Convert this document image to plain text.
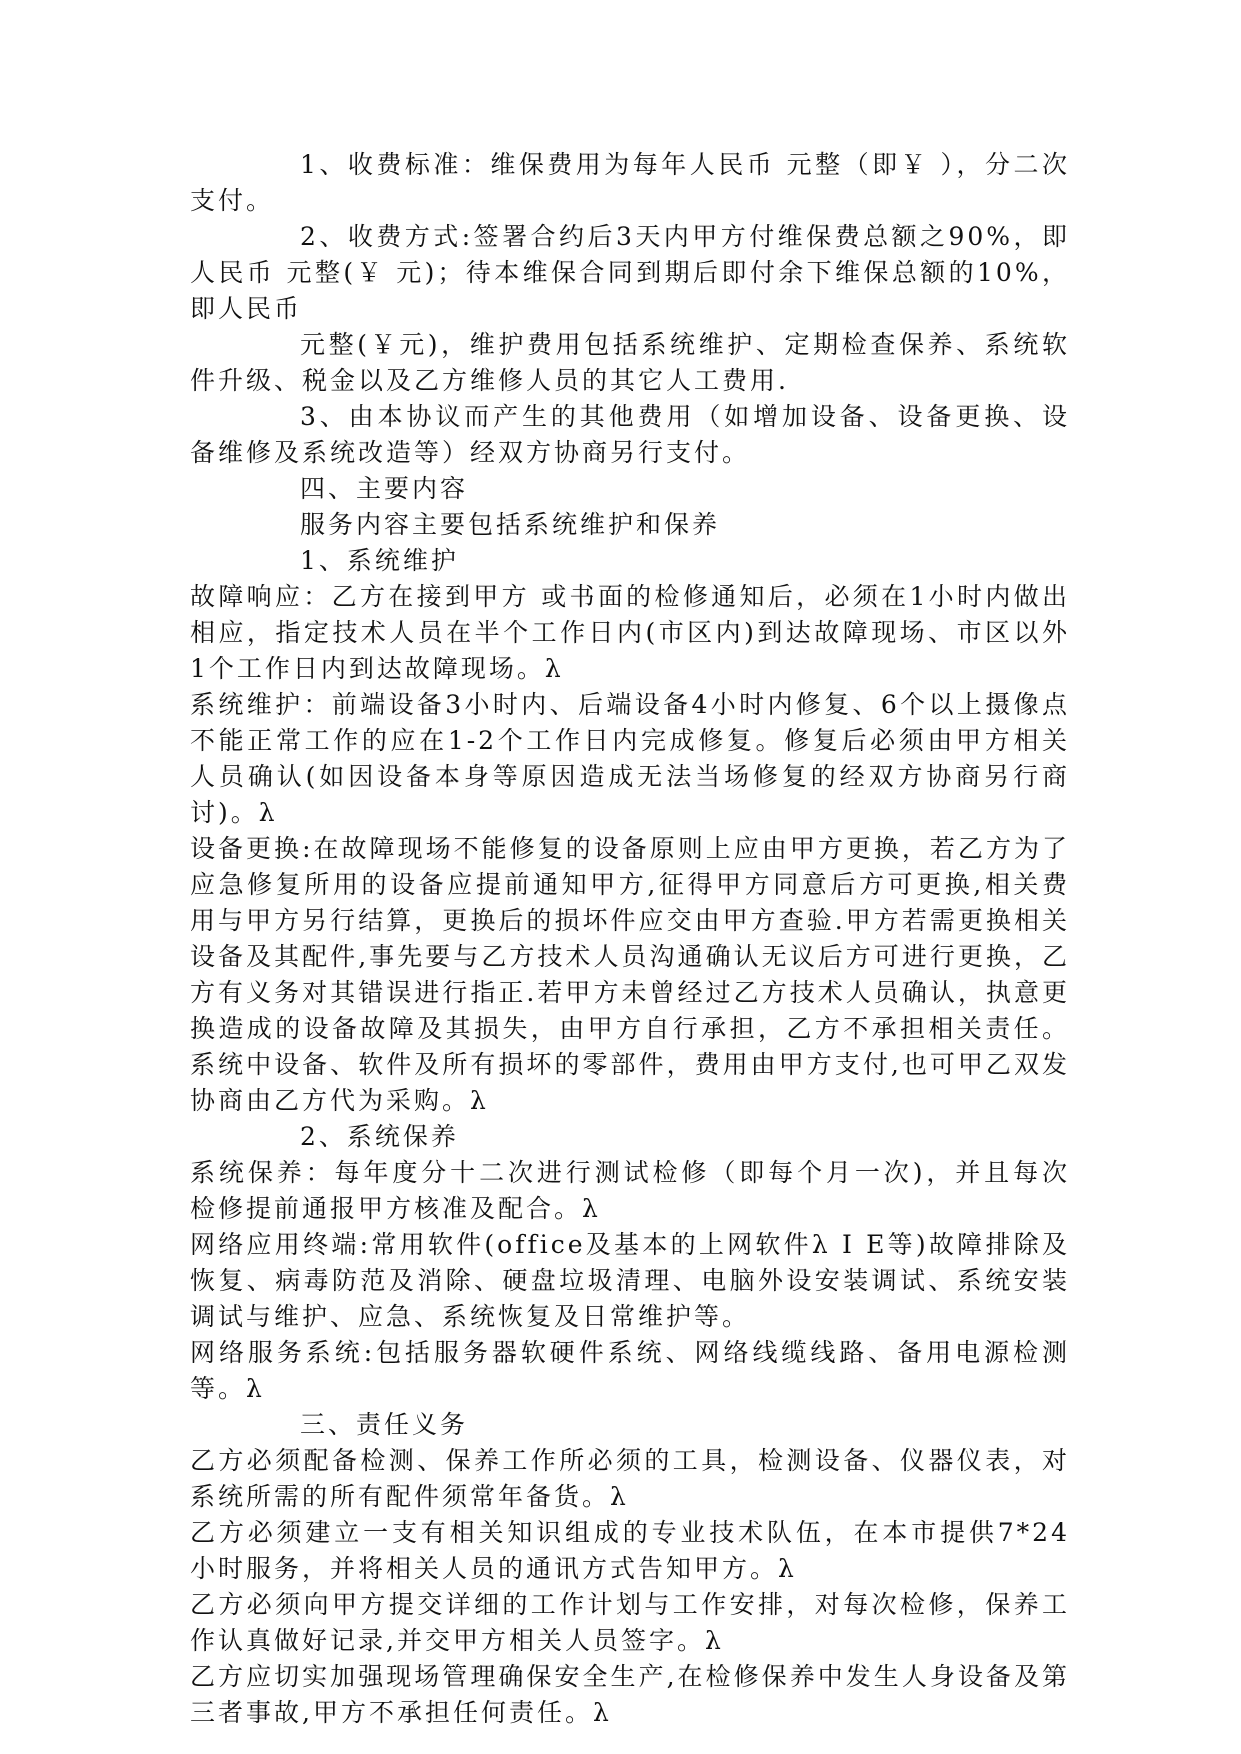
1、收费标准：维保费用为每年人民币 元整（即￥ ），分二次支付。

2、收费方式:签署合约后3天内甲方付维保费总额之90%，即人民币 元整(￥ 元)；待本维保合同到期后即付余下维保总额的10%，即人民币

元整(￥元)，维护费用包括系统维护、定期检查保养、系统软件升级、税金以及乙方维修人员的其它人工费用.

3、由本协议而产生的其他费用（如增加设备、设备更换、设备维修及系统改造等）经双方协商另行支付。

四、主要内容

服务内容主要包括系统维护和保养

1、系统维护

故障响应：乙方在接到甲方 或书面的检修通知后，必须在1小时内做出相应，指定技术人员在半个工作日内(市区内)到达故障现场、市区以外1个工作日内到达故障现场。λ

系统维护：前端设备3小时内、后端设备4小时内修复、6个以上摄像点不能正常工作的应在1-2个工作日内完成修复。修复后必须由甲方相关人员确认(如因设备本身等原因造成无法当场修复的经双方协商另行商讨)。λ

设备更换:在故障现场不能修复的设备原则上应由甲方更换，若乙方为了应急修复所用的设备应提前通知甲方,征得甲方同意后方可更换,相关费用与甲方另行结算，更换后的损坏件应交由甲方查验.甲方若需更换相关设备及其配件,事先要与乙方技术人员沟通确认无议后方可进行更换，乙方有义务对其错误进行指正.若甲方未曾经过乙方技术人员确认，执意更换造成的设备故障及其损失，由甲方自行承担，乙方不承担相关责任。系统中设备、软件及所有损坏的零部件，费用由甲方支付,也可甲乙双发协商由乙方代为采购。λ

2、系统保养

系统保养：每年度分十二次进行测试检修（即每个月一次)，并且每次检修提前通报甲方核准及配合。λ

网络应用终端:常用软件(office及基本的上网软件λ I E等)故障排除及恢复、病毒防范及消除、硬盘垃圾清理、电脑外设安装调试、系统安装调试与维护、应急、系统恢复及日常维护等。

网络服务系统:包括服务器软硬件系统、网络线缆线路、备用电源检测等。λ

三、责任义务

乙方必须配备检测、保养工作所必须的工具，检测设备、仪器仪表，对系统所需的所有配件须常年备货。λ

乙方必须建立一支有相关知识组成的专业技术队伍，在本市提供7*24小时服务，并将相关人员的通讯方式告知甲方。λ

乙方必须向甲方提交详细的工作计划与工作安排，对每次检修，保养工作认真做好记录,并交甲方相关人员签字。λ

乙方应切实加强现场管理确保安全生产,在检修保养中发生人身设备及第三者事故,甲方不承担任何责任。λ
